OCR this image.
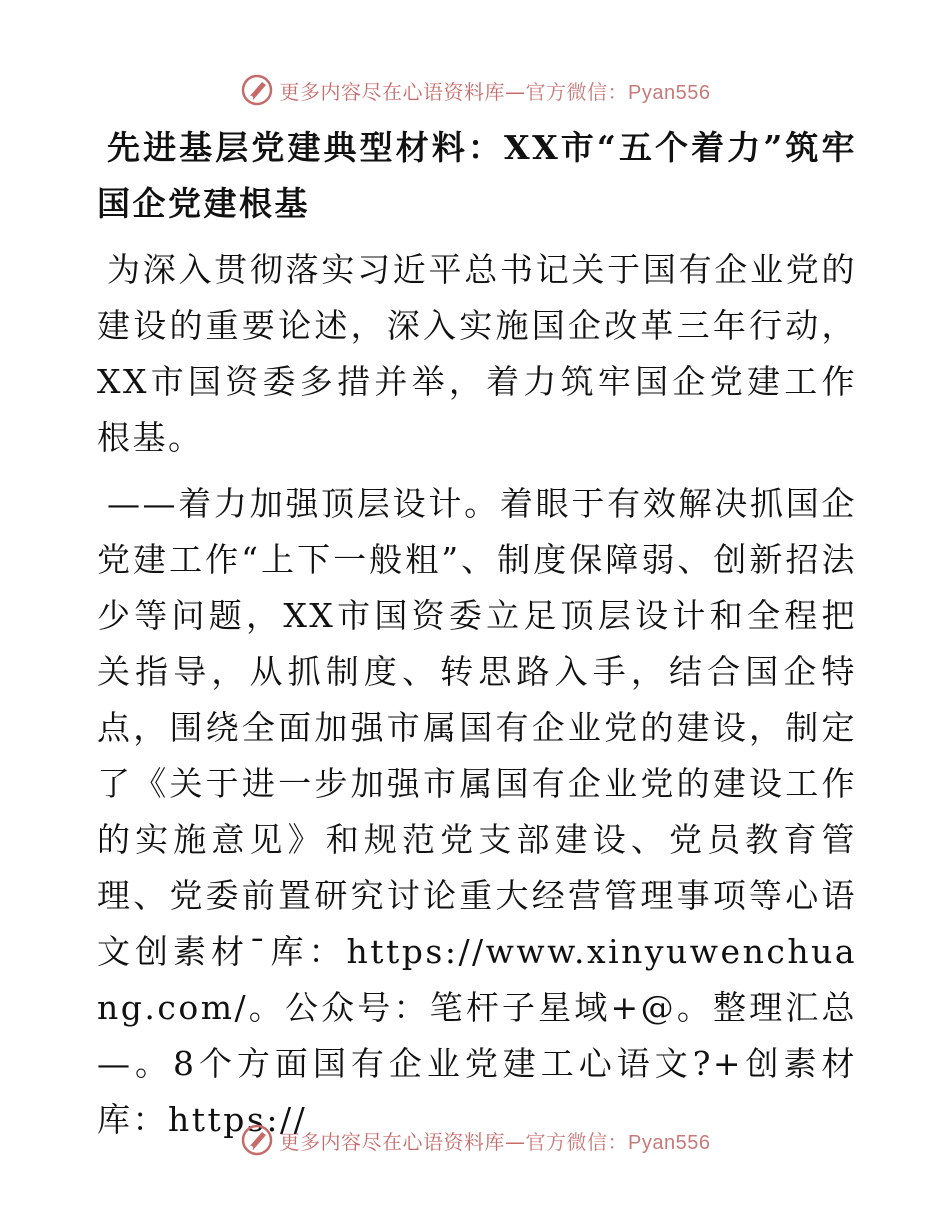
更多内容尽在心语资料库—官方微信：Pyan556
先进基层党建典型材料：XX市“五个着力”筑牢国企党建根基

为深入贯彻落实习近平总书记关于国有企业党的建设的重要论述，深入实施国企改革三年行动，XX市国资委多措并举，着力筑牢国企党建工作根基。

——着力加强顶层设计。着眼于有效解决抓国企党建工作“上下一般粗”、制度保障弱、创新招法少等问题，XX市国资委立足顶层设计和全程把关指导，从抓制度、转思路入手，结合国企特点，围绕全面加强市属国有企业党的建设，制定了《关于进一步加强市属国有企业党的建设工作的实施意见》和规范党支部建设、党员教育管理、党委前置研究讨论重大经营管理事项等心语文创素材¯库：https://www.xinyuwenchuang.com/。公众号：笔杆子星域+@。整理汇总—。8个方面国有企业党建工心语文?+创素材库：https://

更多内容尽在心语资料库—官方微信：Pyan556
